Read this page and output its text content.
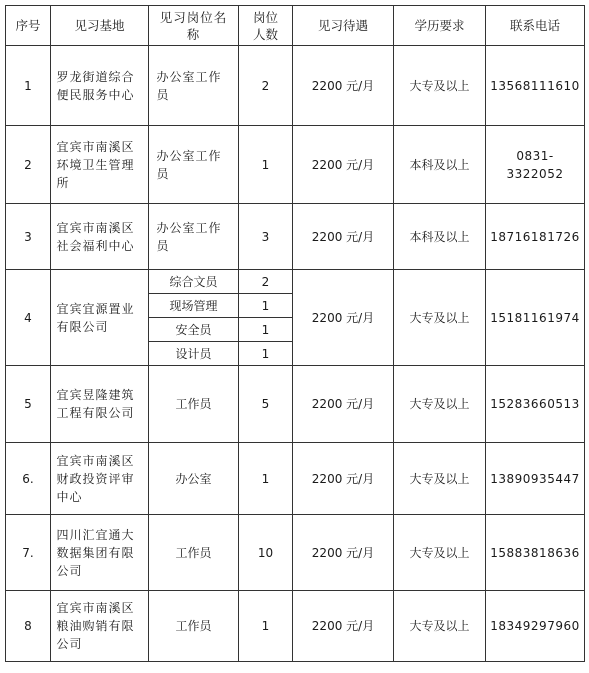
序号	见习基地	见习岗位名称	岗位人数	见习待遇	学历要求	联系电话
1	罗龙街道综合便民服务中心	办公室工作员	2	2200 元/月	大专及以上	13568111610
2	宜宾市南溪区环境卫生管理所	办公室工作员	1	2200 元/月	本科及以上	0831-3322052
3	宜宾市南溪区社会福利中心	办公室工作员	3	2200 元/月	本科及以上	18716181726
4	宜宾宜源置业有限公司	综合文员	2	2200 元/月	大专及以上	15181161974
		现场管理	1			
		安全员	1			
		设计员	1			
5	宜宾昱隆建筑工程有限公司	工作员	5	2200 元/月	大专及以上	15283660513
6.	宜宾市南溪区财政投资评审中心	办公室	1	2200 元/月	大专及以上	13890935447
7.	四川汇宜通大数据集团有限公司	工作员	10	2200 元/月	大专及以上	15883818636
8	宜宾市南溪区粮油购销有限公司	工作员	1	2200 元/月	大专及以上	18349297960
